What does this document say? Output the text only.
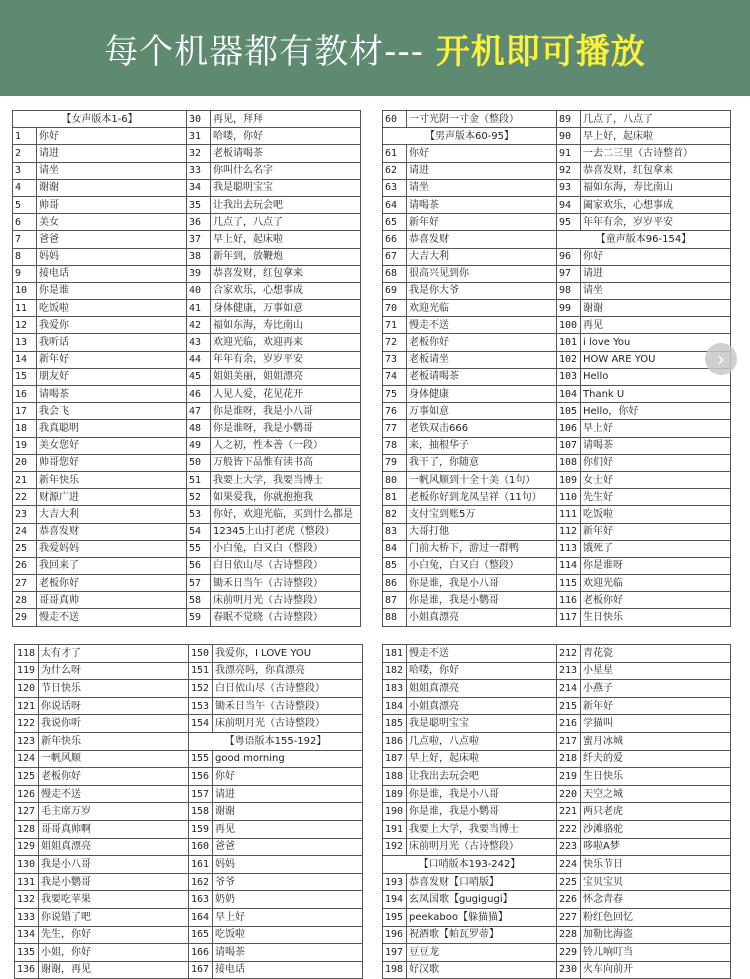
每个机器都有教材--- 开机即可播放
【女声版本1-6】		30	再见，拜拜
1	你好	31	哈喽，你好
2	请进	32	老板请喝茶
3	请坐	33	你叫什么名字
4	谢谢	34	我是聪明宝宝
5	帅哥	35	让我出去玩会吧
6	美女	36	几点了，八点了
7	爸爸	37	早上好，起床啦
8	妈妈	38	新年到，放鞭炮
9	接电话	39	恭喜发财，红包拿来
10	你是谁	40	合家欢乐，心想事成
11	吃饭啦	41	身体健康，万事如意
12	我爱你	42	福如东海，寿比南山
13	我听话	43	欢迎光临，欢迎再来
14	新年好	44	年年有余，岁岁平安
15	朋友好	45	姐姐美丽，姐姐漂亮
16	请喝茶	46	人见人爱，花见花开
17	我会飞	47	你是谁呀，我是小八哥
18	我真聪明	48	你是谁呀，我是小鹦哥
19	美女您好	49	人之初，性本善（一段）
20	帅哥您好	50	万般皆下品惟有读书高
21	新年快乐	51	我要上大学，我要当博士
22	财源广进	52	如果爱我，你就抱抱我
23	大吉大利	53	你好，欢迎光临，买到什么都是
24	恭喜发财	54	12345上山打老虎（整段）
25	我爱妈妈	55	小白兔，白又白（整段）
26	我回来了	56	白日依山尽（古诗整段）
27	老板你好	57	锄禾日当午（古诗整段）
28	哥哥真帅	58	床前明月光（古诗整段）
29	慢走不送	59	春眠不觉晓（古诗整段）
60	一寸光阴一寸金（整段）	89	几点了，八点了
【男声版本60-95】		90	早上好，起床啦
61	你好	91	一去二三里（古诗整首）
62	请进	92	恭喜发财，红包拿来
63	请坐	93	福如东海，寿比南山
64	请喝茶	94	阖家欢乐，心想事成
65	新年好	95	年年有余，岁岁平安
66	恭喜发财	【童声版本96-154】	
67	大吉大利	96	你好
68	很高兴见到你	97	请进
69	我是你大爷	98	请坐
70	欢迎光临	99	谢谢
71	慢走不送	100	再见
72	老板你好	101	i love You
73	老板请坐	102	HOW ARE YOU
74	老板请喝茶	103	Hello
75	身体健康	104	Thank U
76	万事如意	105	Hello，你好
77	老铁双击666	106	早上好
78	来，抽根华子	107	请喝茶
79	我干了，你随意	108	你们好
80	一帆风顺到十全十美（1句）	109	女士好
81	老板你好到龙凤呈祥（11句）	110	先生好
82	支付宝到账5万	111	吃饭啦
83	大哥打他	112	新年好
84	门前大桥下，游过一群鸭	113	饿死了
85	小白兔，白又白（整段）	114	你是谁呀
86	你是谁，我是小八哥	115	欢迎光临
87	你是谁，我是小鹦哥	116	老板你好
88	小姐真漂亮	117	生日快乐
118	太有才了	150	我爱你，I LOVE YOU
119	为什么呀	151	我漂亮吗，你真漂亮
120	节日快乐	152	白日依山尽（古诗整段）
121	你说话呀	153	锄禾日当午（古诗整段）
122	我说你听	154	床前明月光（古诗整段）
123	新年快乐	【粤语版本155-192】	
124	一帆风顺	155	good morning
125	老板你好	156	你好
126	慢走不送	157	请进
127	毛主席万岁	158	谢谢
128	哥哥真帅啊	159	再见
129	姐姐真漂亮	160	爸爸
130	我是小八哥	161	妈妈
131	我是小鹦哥	162	爷爷
132	我要吃苹果	163	奶奶
133	你说错了吧	164	早上好
134	先生，你好	165	吃饭啦
135	小姐，你好	166	请喝茶
136	谢谢，再见	167	接电话
181	慢走不送	212	青花瓷
182	哈喽，你好	213	小星星
183	姐姐真漂亮	214	小燕子
184	小姐真漂亮	215	新年好
185	我是聪明宝宝	216	学猫叫
186	几点啦，八点啦	217	蜜月冰城
187	早上好，起床啦	218	纤夫的爱
188	让我出去玩会吧	219	生日快乐
189	你是谁，我是小八哥	220	天空之城
190	你是谁，我是小鹦哥	221	两只老虎
191	我要上大学，我要当博士	222	沙滩骆驼
192	床前明月光（古诗整段）	223	哆啦A梦
【口哨版本193-242】		224	快乐节日
193	恭喜发财【口哨版】	225	宝贝宝贝
194	玄凤国歌【gugigugi】	226	怀念青春
195	peekaboo【躲猫猫】	227	粉红色回忆
196	祝酒歌【帕瓦罗蒂】	228	加勒比海盗
197	豆豆龙	229	铃儿响叮当
198	好汉歌	230	火车向前开
›
